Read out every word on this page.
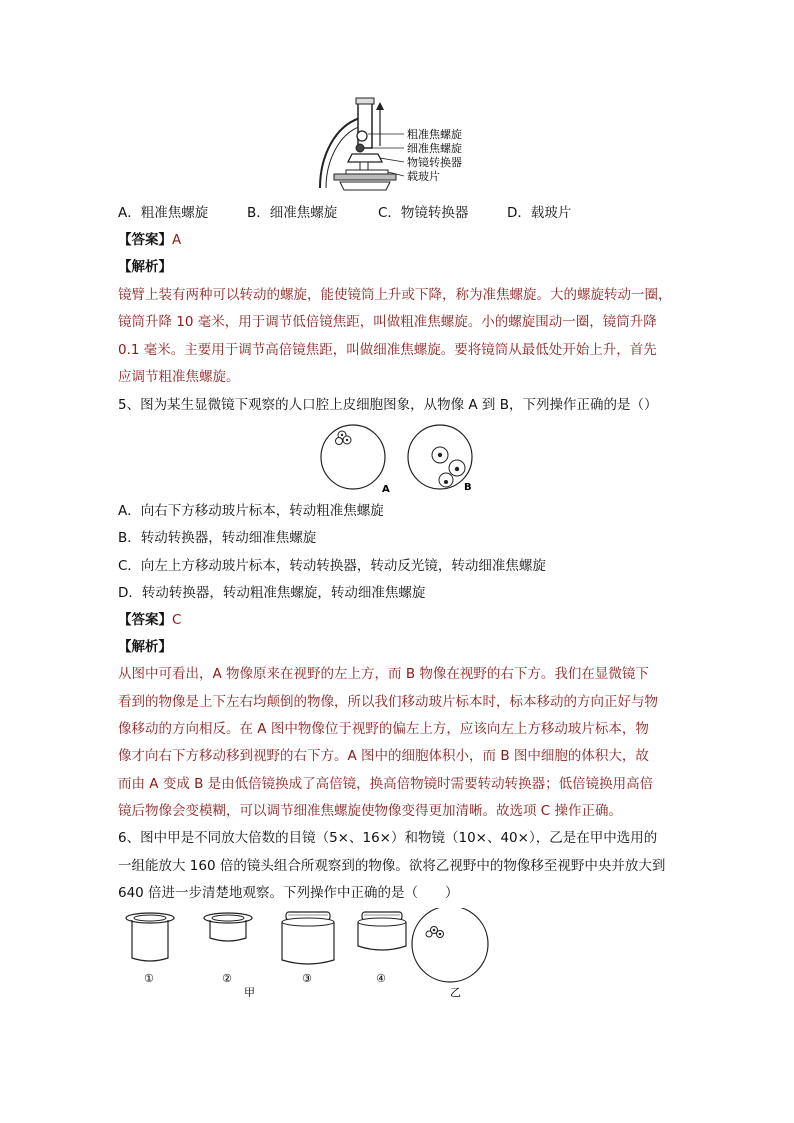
粗准焦螺旋
细准焦螺旋
物镜转换器
载玻片
A．粗准焦螺旋	B．细准焦螺旋	C．物镜转换器	D．载玻片
【答案】A
【解析】
镜臂上装有两种可以转动的螺旋，能使镜筒上升或下降，称为准焦螺旋。大的螺旋转动一圈，
镜筒升降 10 毫米，用于调节低倍镜焦距，叫做粗准焦螺旋。小的螺旋围动一圈，镜筒升降
0.1 毫米。主要用于调节高倍镜焦距，叫做细准焦螺旋。要将镜筒从最低处开始上升，首先
应调节粗准焦螺旋。
5、图为某生显微镜下观察的人口腔上皮细胞图象，从物像 A 到 B，下列操作正确的是（）
A	B
A．向右下方移动玻片标本，转动粗准焦螺旋
B．转动转换器，转动细准焦螺旋
C．向左上方移动玻片标本，转动转换器，转动反光镜，转动细准焦螺旋
D．转动转换器，转动粗准焦螺旋，转动细准焦螺旋
【答案】C
【解析】
从图中可看出，A 物像原来在视野的左上方，而 B 物像在视野的右下方。我们在显微镜下
看到的物像是上下左右均颠倒的物像，所以我们移动玻片标本时，标本移动的方向正好与物
像移动的方向相反。在 A 图中物像位于视野的偏左上方，应该向左上方移动玻片标本，物
像才向右下方移动移到视野的右下方。A 图中的细胞体积小，而 B 图中细胞的体积大，故
而由 A 变成 B 是由低倍镜换成了高倍镜，换高倍物镜时需要转动转换器；低倍镜换用高倍
镜后物像会变模糊，可以调节细准焦螺旋使物像变得更加清晰。故选项 C 操作正确。
6、图中甲是不同放大倍数的目镜（5×、16×）和物镜（10×、40×），乙是在甲中选用的
一组能放大 160 倍的镜头组合所观察到的物像。欲将乙视野中的物像移至视野中央并放大到
640 倍进一步清楚地观察。下列操作中正确的是（　　）
①	②	③	④
甲	乙
